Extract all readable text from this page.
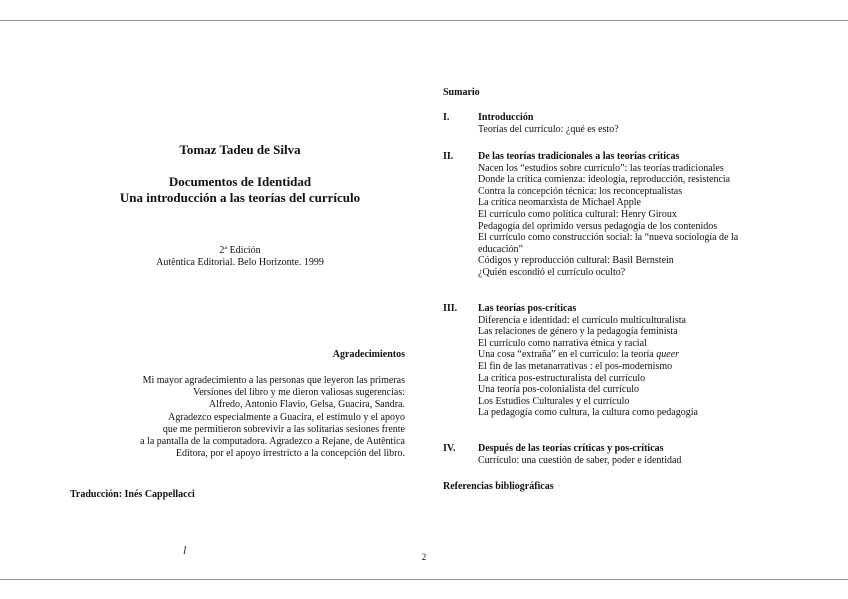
Tomaz Tadeu de Silva
Documentos de Identidad
Una introducción a las teorías del currículo
2ª Edición
Autêntica Editorial. Belo Horizonte. 1999
Agradecimientos
Mi mayor agradecimiento a las personas que leyeron las primeras
Versiones del libro y me dieron valiosas sugerencias:
Alfredo, Antonio Flavio, Gelsa, Guacira, Sandra.
Agradezco especialmente a Guacira, el estímulo y el apoyo
que me permitieron sobrevivir a las solitarias sesiones frente
a la pantalla de la computadora. Agradezco a Rejane, de Autêntica
Editora, por el apoyo irrestricto a la concepción del libro.
Traducción: Inés Cappellacci
l	2
Sumario
I.	Introducción
Teorías del currículo: ¿qué es esto?
II. De las teorías tradicionales a las teorías críticas
Nacen los “estudios sobre currículo”: las teorías tradicionales
Donde la crítica comienza: ideología, reproducción, resistencia
Contra la concepción técnica: los reconceptualistas
La crítica neomarxista de Michael Apple
El currículo como política cultural: Henry Giroux
Pedagogía del oprimido versus pedagogía de los contenidos
El currículo como construcción social: la “nueva sociología de la
educación”
Códigos y reproducción cultural: Basil Bernstein
¿Quién escondió el currículo oculto?
III. Las teorías pos-críticas
Diferencia e identidad: el currículo multiculturalista
Las relaciones de género y la pedagogía feminista
El currículo como narrativa étnica y racial
Una cosa “extraña” en el currículo: la teoría queer
El fin de las metanarrativas : el pos-modernismo
La crítica pos-estructuralista del currículo
Una teoría pos-colonialista del currículo
Los Estudios Culturales y el currículo
La pedagogía como cultura, la cultura como pedagogía
IV. Después de las teorías críticas y pos-críticas
Currículo: una cuestión de saber, poder e identidad
Referencias bibliográficas
